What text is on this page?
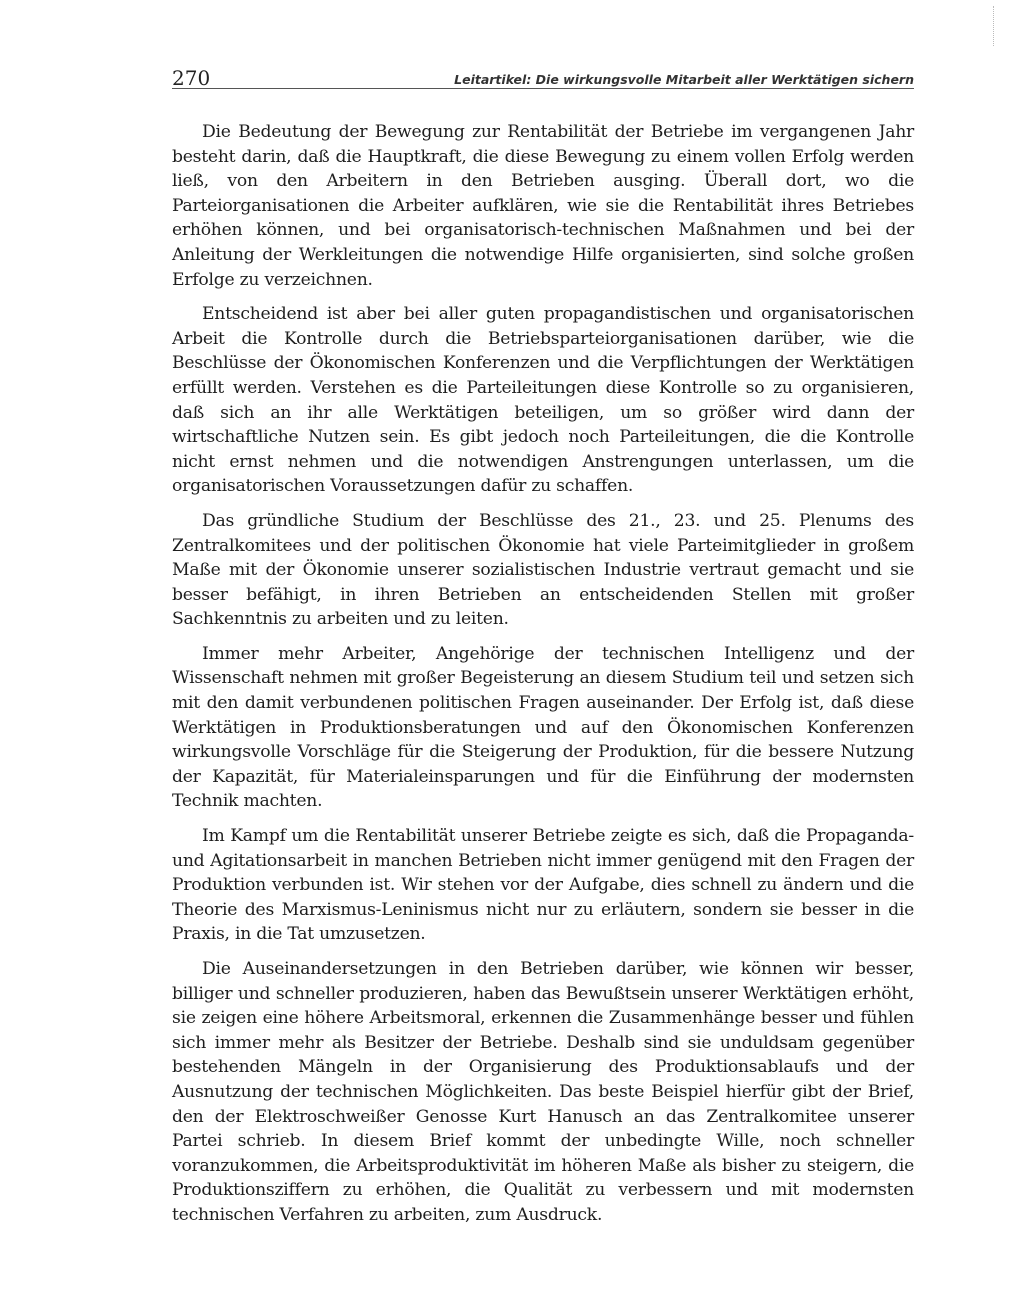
270	Leitartikel: Die wirkungsvolle Mitarbeit aller Werktätigen sichern

Die Bedeutung der Bewegung zur Rentabilität der Betriebe im vergangenen Jahr besteht darin, daß die Hauptkraft, die diese Bewegung zu einem vollen Erfolg werden ließ, von den Arbeitern in den Betrieben ausging. Überall dort, wo die Parteiorganisationen die Arbeiter aufklären, wie sie die Rentabilität ihres Betriebes erhöhen können, und bei organisatorisch-technischen Maßnahmen und bei der Anleitung der Werkleitungen die notwendige Hilfe organisierten, sind solche großen Erfolge zu verzeichnen.

Entscheidend ist aber bei aller guten propagandistischen und organisatorischen Arbeit die Kontrolle durch die Betriebsparteiorganisationen darüber, wie die Beschlüsse der Ökonomischen Konferenzen und die Verpflichtungen der Werktätigen erfüllt werden. Verstehen es die Parteileitungen diese Kontrolle so zu organisieren, daß sich an ihr alle Werktätigen beteiligen, um so größer wird dann der wirtschaftliche Nutzen sein. Es gibt jedoch noch Parteileitungen, die die Kontrolle nicht ernst nehmen und die notwendigen Anstrengungen unterlassen, um die organisatorischen Voraussetzungen dafür zu schaffen.

Das gründliche Studium der Beschlüsse des 21., 23. und 25. Plenums des Zentralkomitees und der politischen Ökonomie hat viele Parteimitglieder in großem Maße mit der Ökonomie unserer sozialistischen Industrie vertraut gemacht und sie besser befähigt, in ihren Betrieben an entscheidenden Stellen mit großer Sachkenntnis zu arbeiten und zu leiten.

Immer mehr Arbeiter, Angehörige der technischen Intelligenz und der Wissenschaft nehmen mit großer Begeisterung an diesem Studium teil und setzen sich mit den damit verbundenen politischen Fragen auseinander. Der Erfolg ist, daß diese Werktätigen in Produktionsberatungen und auf den Ökonomischen Konferenzen wirkungsvolle Vorschläge für die Steigerung der Produktion, für die bessere Nutzung der Kapazität, für Materialeinsparungen und für die Einführung der modernsten Technik machten.

Im Kampf um die Rentabilität unserer Betriebe zeigte es sich, daß die Propaganda- und Agitationsarbeit in manchen Betrieben nicht immer genügend mit den Fragen der Produktion verbunden ist. Wir stehen vor der Aufgabe, dies schnell zu ändern und die Theorie des Marxismus-Leninismus nicht nur zu erläutern, sondern sie besser in die Praxis, in die Tat umzusetzen.

Die Auseinandersetzungen in den Betrieben darüber, wie können wir besser, billiger und schneller produzieren, haben das Bewußtsein unserer Werktätigen erhöht, sie zeigen eine höhere Arbeitsmoral, erkennen die Zusammenhänge besser und fühlen sich immer mehr als Besitzer der Betriebe. Deshalb sind sie unduldsam gegenüber bestehenden Mängeln in der Organisierung des Produktionsablaufs und der Ausnutzung der technischen Möglichkeiten. Das beste Beispiel hierfür gibt der Brief, den der Elektroschweißer Genosse Kurt Hanusch an das Zentralkomitee unserer Partei schrieb. In diesem Brief kommt der unbedingte Wille, noch schneller voranzukommen, die Arbeitsproduktivität im höheren Maße als bisher zu steigern, die Produktionsziffern zu erhöhen, die Qualität zu verbessern und mit modernsten technischen Verfahren zu arbeiten, zum Ausdruck.
